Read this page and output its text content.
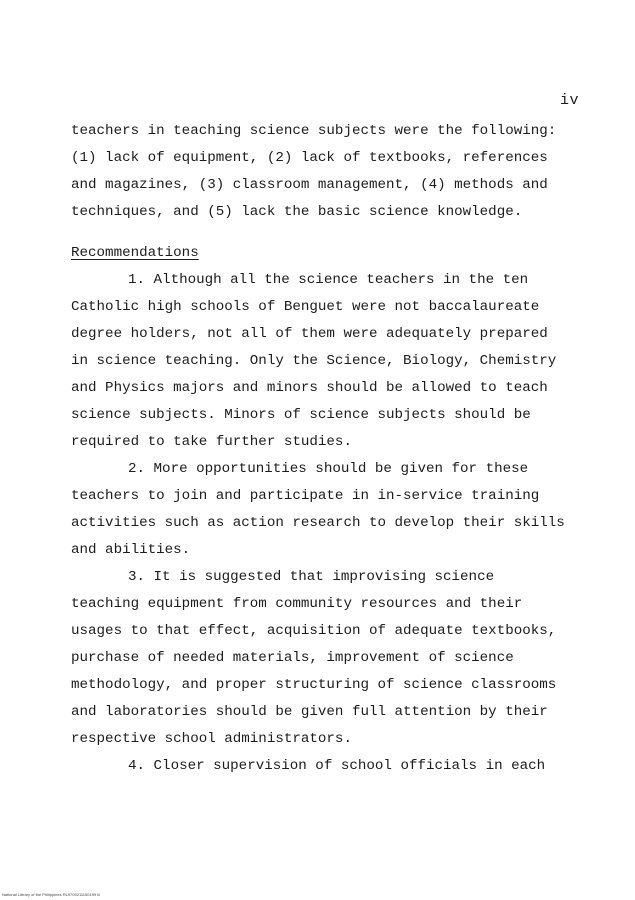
iv
teachers in teaching science subjects were the following:
(1) lack of equipment, (2) lack of textbooks, references
and magazines, (3) classroom management, (4) methods and
techniques, and (5) lack the basic science knowledge.
Recommendations
1. Although all the science teachers in the ten
Catholic high schools of Benguet were not baccalaureate
degree holders, not all of them were adequately prepared
in science teaching. Only the Science, Biology, Chemistry
and Physics majors and minors should be allowed to teach
science subjects. Minors of science subjects should be
required to take further studies.
2. More opportunities should be given for these
teachers to join and participate in in-service training
activities such as action research to develop their skills
and abilities.
3. It is suggested that improvising science
teaching equipment from community resources and their
usages to that effect, acquisition of adequate textbooks,
purchase of needed materials, improvement of science
methodology, and proper structuring of science classrooms
and laboratories should be given full attention by their
respective school administrators.
4. Closer supervision of school officials in each
National Library of the Philippines RL9709211150199 iii
